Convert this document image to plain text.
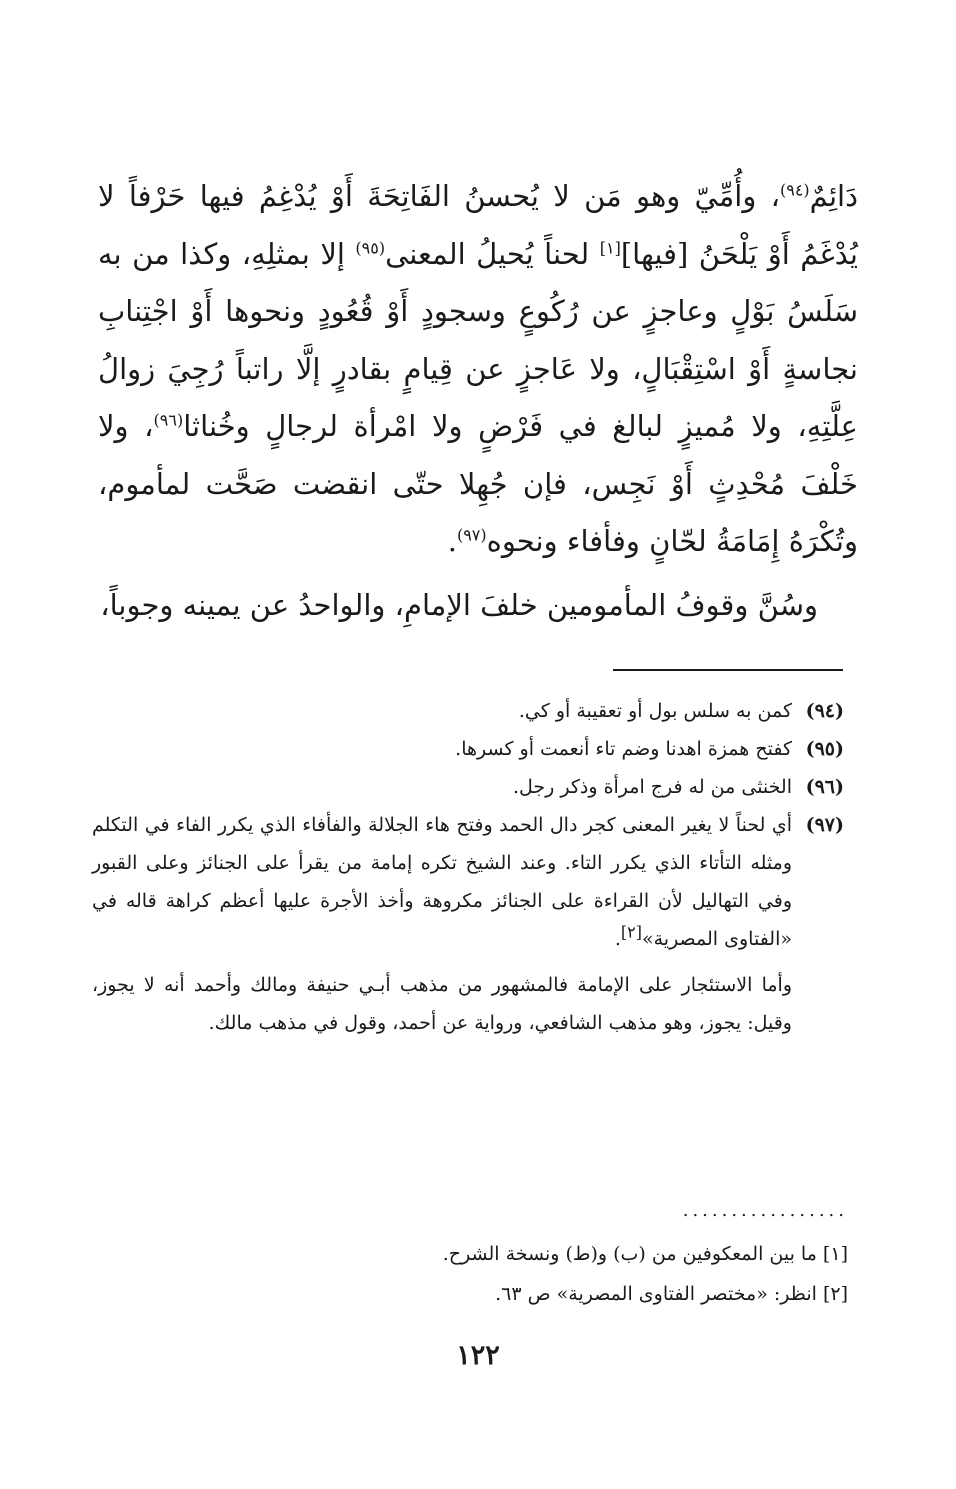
دَائِمٌ$^{(٩٤)}$، وأُمِّيّ وهو مَن لا يُحسنُ الفَاتِحَةَ أَوْ يُدْغِمُ فيها حَرْفاً لا يُدْغَمُ أَوْ يَلْحَنُ [فيها][١] لحناً يُحيلُ المعنى$^{(٩٥)}$ إلا بمثلِهِ، وكذا من به سَلَسُ بَوْلٍ وعاجزٍ عن رُكُوعٍ وسجودٍ أَوْ قُعُودٍ ونحوها أَوْ اجْتِنابِ نجاسةٍ أَوْ اسْتِقْبَالٍ، ولا عَاجزٍ عن قِيامٍ بقادرٍ إلَّا راتباً رُجِيَ زوالُ عِلَّتِهِ، ولا مُميزٍ لبالغ في فَرْضٍ ولا امْرأة لرجالٍ وخُناثا$^{(٩٦)}$، ولا خَلْفَ مُحْدِثٍ أَوْ نَجِس، فإن جُهِلا حتّى انقضت صَحَّت لمأموم، وتُكْرَهُ إِمَامَةُ لحّانٍ وفأفاء ونحوه$^{(٩٧)}$.

وسُنَّ وقوفُ المأمومين خلفَ الإمامِ، والواحدُ عن يمينه وجوباً،

(٩٤)
كمن به سلس بول أو تعقيبة أو كي.

(٩٥)
كفتح همزة اهدنا وضم تاء أنعمت أو كسرها.

(٩٦)
الخنثى من له فرج امرأة وذكر رجل.

(٩٧)
أي لحناً لا يغير المعنى كجر دال الحمد وفتح هاء الجلالة والفأفاء الذي يكرر الفاء في التكلم ومثله التأتاء الذي يكرر التاء. وعند الشيخ تكره إمامة من يقرأ على الجنائز وعلى القبور وفي التهاليل لأن القراءة على الجنائز مكروهة وأخذ الأجرة عليها أعظم كراهة قاله في «الفتاوى المصرية»[٢].

وأما الاستئجار على الإمامة فالمشهور من مذهب أبـي حنيفة ومالك وأحمد أنه لا يجوز، وقيل: يجوز، وهو مذهب الشافعي، ورواية عن أحمد، وقول في مذهب مالك.

.................

[١] ما بين المعكوفين من (ب) و(ط) ونسخة الشرح.

[٢] انظر: «مختصر الفتاوى المصرية» ص ٦٣.

١٢٢
